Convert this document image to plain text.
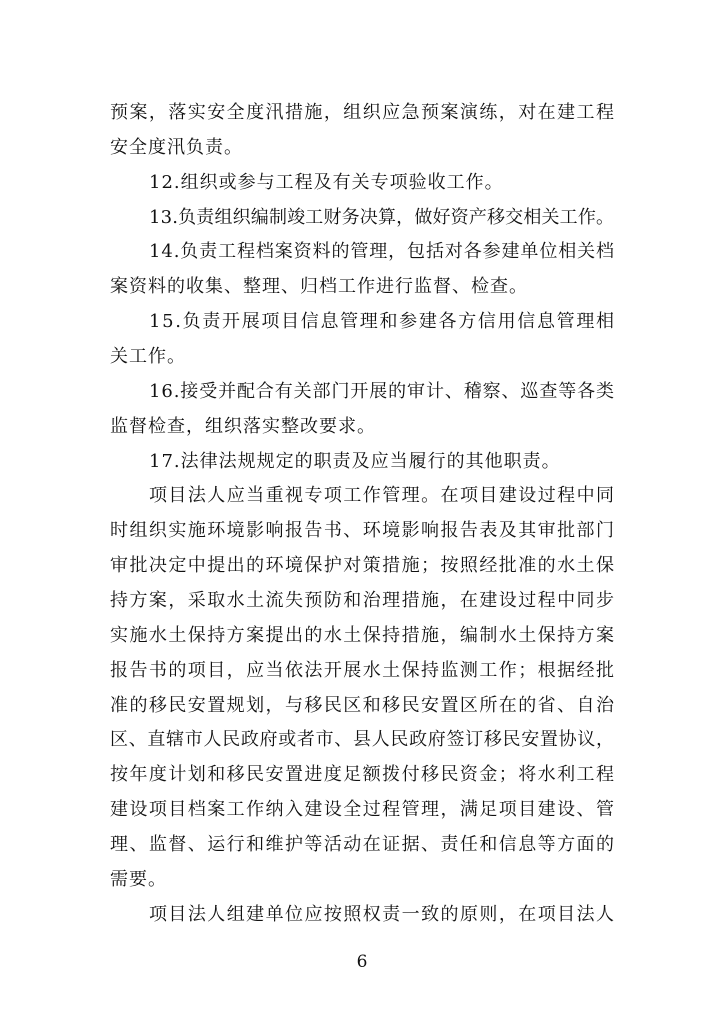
预案，落实安全度汛措施，组织应急预案演练，对在建工程
安全度汛负责。
12.组织或参与工程及有关专项验收工作。
13.负责组织编制竣工财务决算，做好资产移交相关工作。
14.负责工程档案资料的管理，包括对各参建单位相关档
案资料的收集、整理、归档工作进行监督、检查。
15.负责开展项目信息管理和参建各方信用信息管理相
关工作。
16.接受并配合有关部门开展的审计、稽察、巡查等各类
监督检查，组织落实整改要求。
17.法律法规规定的职责及应当履行的其他职责。
项目法人应当重视专项工作管理。在项目建设过程中同
时组织实施环境影响报告书、环境影响报告表及其审批部门
审批决定中提出的环境保护对策措施；按照经批准的水土保
持方案，采取水土流失预防和治理措施，在建设过程中同步
实施水土保持方案提出的水土保持措施，编制水土保持方案
报告书的项目，应当依法开展水土保持监测工作；根据经批
准的移民安置规划，与移民区和移民安置区所在的省、自治
区、直辖市人民政府或者市、县人民政府签订移民安置协议，
按年度计划和移民安置进度足额拨付移民资金；将水利工程
建设项目档案工作纳入建设全过程管理，满足项目建设、管
理、监督、运行和维护等活动在证据、责任和信息等方面的
需要。
项目法人组建单位应按照权责一致的原则，在项目法人
6
